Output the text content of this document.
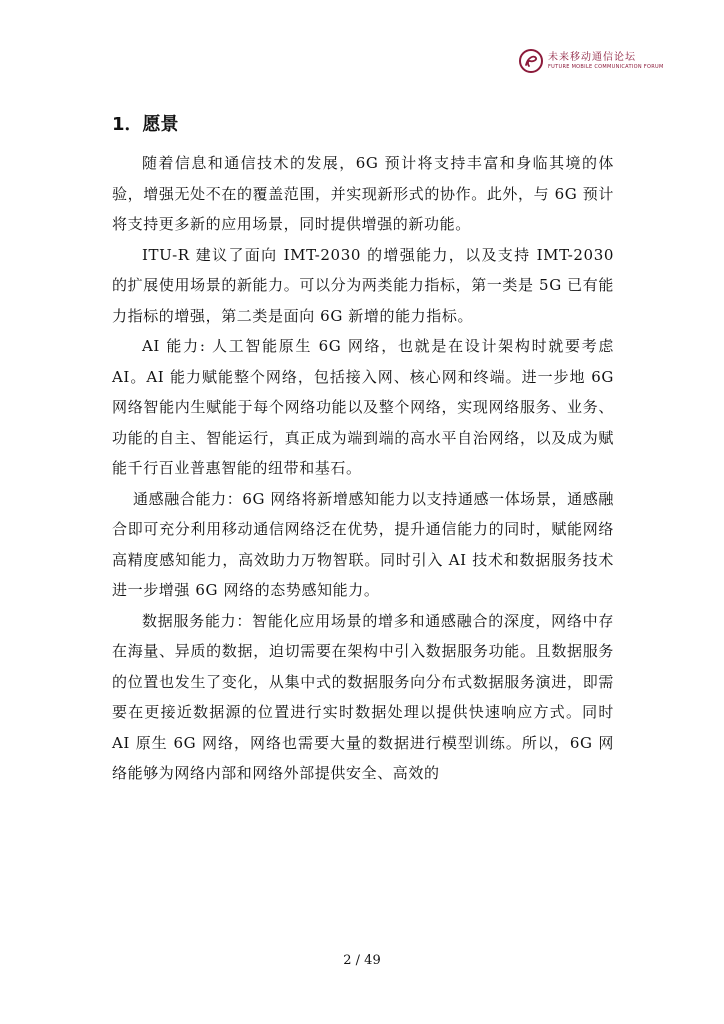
未来移动通信论坛
FUTURE MOBILE COMMUNICATION FORUM
1．愿景

随着信息和通信技术的发展，6G 预计将支持丰富和身临其境的体验，增强无处不在的覆盖范围，并实现新形式的协作。此外，与 6G 预计将支持更多新的应用场景，同时提供增强的新功能。

ITU-R 建议了面向 IMT-2030 的增强能力，以及支持 IMT-2030 的扩展使用场景的新能力。可以分为两类能力指标，第一类是 5G 已有能力指标的增强，第二类是面向 6G 新增的能力指标。

AI 能力: 人工智能原生 6G 网络，也就是在设计架构时就要考虑 AI。AI 能力赋能整个网络，包括接入网、核心网和终端。进一步地 6G 网络智能内生赋能于每个网络功能以及整个网络，实现网络服务、业务、功能的自主、智能运行，真正成为端到端的高水平自治网络，以及成为赋能千行百业普惠智能的纽带和基石。

通感融合能力：6G 网络将新增感知能力以支持通感一体场景，通感融合即可充分利用移动通信网络泛在优势，提升通信能力的同时，赋能网络高精度感知能力，高效助力万物智联。同时引入 AI 技术和数据服务技术进一步增强 6G 网络的态势感知能力。

数据服务能力：智能化应用场景的增多和通感融合的深度，网络中存在海量、异质的数据，迫切需要在架构中引入数据服务功能。且数据服务的位置也发生了变化，从集中式的数据服务向分布式数据服务演进，即需要在更接近数据源的位置进行实时数据处理以提供快速响应方式。同时 AI 原生 6G 网络，网络也需要大量的数据进行模型训练。所以，6G 网络能够为网络内部和网络外部提供安全、高效的

2 / 49
